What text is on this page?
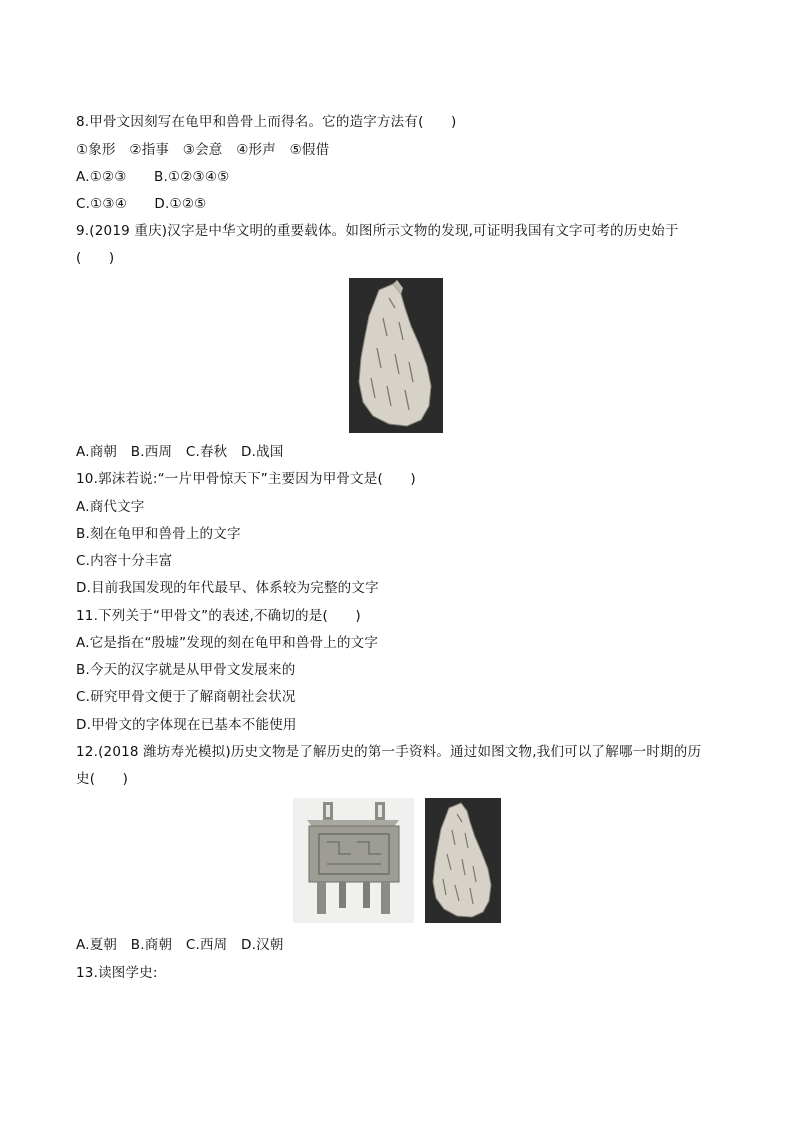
8.甲骨文因刻写在龟甲和兽骨上而得名。它的造字方法有(　　)
①象形　②指事　③会意　④形声　⑤假借
A.①②③　　B.①②③④⑤
C.①③④　　D.①②⑤
9.(2019 重庆)汉字是中华文明的重要载体。如图所示文物的发现,可证明我国有文字可考的历史始于
(　　)
A.商朝　B.西周　C.春秋　D.战国
10.郭沫若说:“一片甲骨惊天下”主要因为甲骨文是(　　)
A.商代文字
B.刻在龟甲和兽骨上的文字
C.内容十分丰富
D.目前我国发现的年代最早、体系较为完整的文字
11.下列关于“甲骨文”的表述,不确切的是(　　)
A.它是指在“殷墟”发现的刻在龟甲和兽骨上的文字
B.今天的汉字就是从甲骨文发展来的
C.研究甲骨文便于了解商朝社会状况
D.甲骨文的字体现在已基本不能使用
12.(2018 潍坊寿光模拟)历史文物是了解历史的第一手资料。通过如图文物,我们可以了解哪一时期的历
史(　　)
A.夏朝　B.商朝　C.西周　D.汉朝
13.读图学史:
